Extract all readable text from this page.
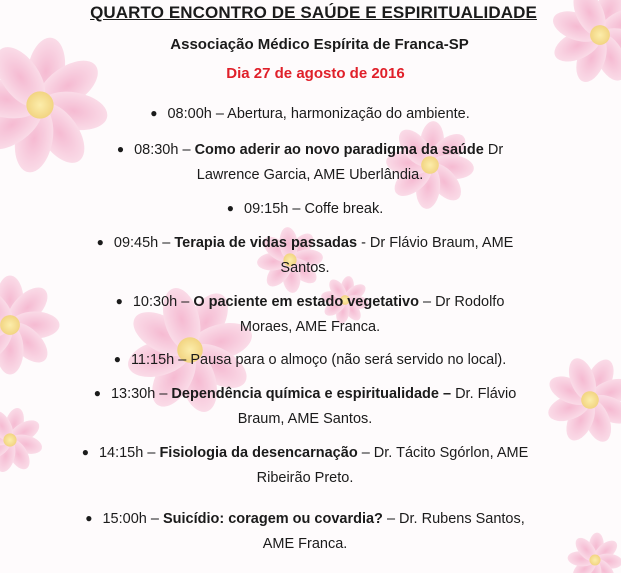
QUARTO ENCONTRO DE SAÚDE E ESPIRITUALIDADE
Associação Médico Espírita de Franca-SP
Dia 27 de agosto de 2016
● 08:00h – Abertura, harmonização do ambiente.
● 08:30h – Como aderir ao novo paradigma da saúde Dr
Lawrence Garcia, AME Uberlândia.
● 09:15h – Coffe break.
● 09:45h – Terapia de vidas passadas - Dr Flávio Braum, AME
Santos.
● 10:30h – O paciente em estado vegetativo – Dr Rodolfo
Moraes, AME Franca.
● 11:15h – Pausa para o almoço (não será servido no local).
● 13:30h – Dependência química e espiritualidade – Dr. Flávio
Braum, AME Santos.
● 14:15h – Fisiologia da desencarnação – Dr. Tácito Sgórlon, AME
Ribeirão Preto.
● 15:00h – Suicídio: coragem ou covardia? – Dr. Rubens Santos,
AME Franca.
